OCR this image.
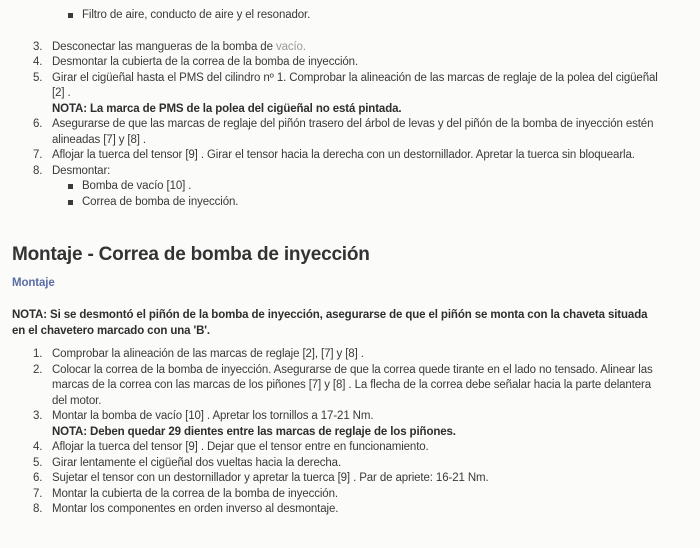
Filtro de aire, conducto de aire y el resonador.
3. Desconectar las mangueras de la bomba de vacío.
4. Desmontar la cubierta de la correa de la bomba de inyección.
5. Girar el cigüeñal hasta el PMS del cilindro nº 1. Comprobar la alineación de las marcas de reglaje de la polea del cigüeñal [2] .
NOTA: La marca de PMS de la polea del cigüeñal no está pintada.
6. Asegurarse de que las marcas de reglaje del piñón trasero del árbol de levas y del piñón de la bomba de inyección estén alineadas [7] y [8] .
7. Aflojar la tuerca del tensor [9] . Girar el tensor hacia la derecha con un destornillador. Apretar la tuerca sin bloquearla.
8. Desmontar:
Bomba de vacío [10] .
Correa de bomba de inyección.
Montaje - Correa de bomba de inyección
Montaje
NOTA: Si se desmontó el piñón de la bomba de inyección, asegurarse de que el piñón se monta con la chaveta situada en el chavetero marcado con una 'B'.
1. Comprobar la alineación de las marcas de reglaje [2], [7] y [8] .
2. Colocar la correa de la bomba de inyección. Asegurarse de que la correa quede tirante en el lado no tensado. Alinear las marcas de la correa con las marcas de los piñones [7] y [8] . La flecha de la correa debe señalar hacia la parte delantera del motor.
3. Montar la bomba de vacío [10] . Apretar los tornillos a 17-21 Nm.
NOTA: Deben quedar 29 dientes entre las marcas de reglaje de los piñones.
4. Aflojar la tuerca del tensor [9] . Dejar que el tensor entre en funcionamiento.
5. Girar lentamente el cigüeñal dos vueltas hacia la derecha.
6. Sujetar el tensor con un destornillador y apretar la tuerca [9] . Par de apriete: 16-21 Nm.
7. Montar la cubierta de la correa de la bomba de inyección.
8. Montar los componentes en orden inverso al desmontaje.
